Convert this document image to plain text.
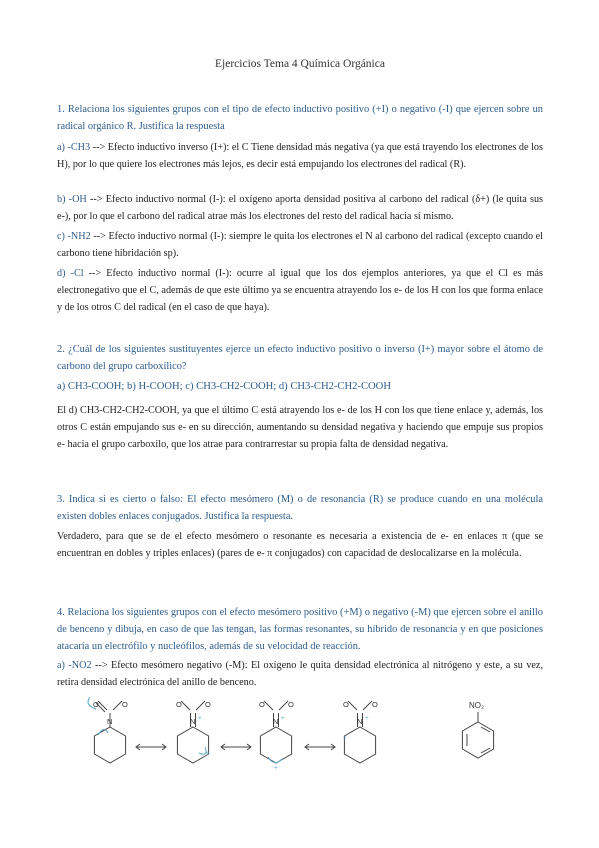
Ejercicios Tema 4 Química Orgánica
1. Relaciona los siguientes grupos con el tipo de efecto inductivo positivo (+I) o negativo (-I) que ejercen sobre un radical orgánico R. Justifica la respuesta
a) -CH3 --> Efecto inductivo inverso (I+): el C Tiene densidad más negativa (ya que está trayendo los electrones de los H), por lo que quiere los electrones más lejos, es decir está empujando los electrones del radical (R).
b) -OH --> Efecto inductivo normal (I-): el oxígeno aporta densidad positiva al carbono del radical (δ+) (le quita sus e-), por lo que el carbono del radical atrae más los electrones del resto del radical hacia sí mismo.
c) -NH2 --> Efecto inductivo normal (I-): siempre le quita los electrones el N al carbono del radical (excepto cuando el carbono tiene hibridación sp).
d) -Cl --> Efecto inductivo normal (I-): ocurre al igual que los dos ejemplos anteriores, ya que el Cl es más electronegativo que el C, además de que este último ya se encuentra atrayendo los e- de los H con los que forma enlace y de los otros C del radical (en el caso de que haya).
2. ¿Cuál de los siguientes sustituyentes ejerce un efecto inductivo positivo o inverso (I+) mayor sobre el átomo de carbono del grupo carboxílico?
a) CH3-COOH; b) H-COOH; c) CH3-CH2-COOH; d) CH3-CH2-CH2-COOH
El d) CH3-CH2-CH2-COOH, ya que el último C está atrayendo los e- de los H con los que tiene enlace y, además, los otros C están empujando sus e- en su dirección, aumentando su densidad negativa y haciendo que empuje sus propios e- hacia el grupo carboxilo, que los atrae para contrarrestar su propia falta de densidad negativa.
3. Indica si es cierto o falso: El efecto mesómero (M) o de resonancia (R) se produce cuando en una molécula existen dobles enlaces conjugados. Justifica la respuesta.
Verdadero, para que se de el efecto mesómero o resonante es necesaria a existencia de e- en enlaces π (que se encuentran en dobles y triples enlaces) (pares de e- π conjugados) con capacidad de deslocalizarse en la molécula.
4. Relaciona los siguientes grupos con el efecto mesómero positivo (+M) o negativo (-M) que ejercen sobre el anillo de benceno y dibuja, en caso de que las tengan, las formas resonantes, su híbrido de resonancia y en que posiciones atacaría un electrófilo y nucleófilos, además de su velocidad de reacción.
a) -NO2 --> Efecto mesómero negativo (-M): El oxígeno le quita densidad electrónica al nitrógeno y este, a su vez, retira densidad electrónica del anillo de benceno.
N
O	O
N
O	O
N
O	O
N
O	O	NO₂
+
+
+
+	+	+
